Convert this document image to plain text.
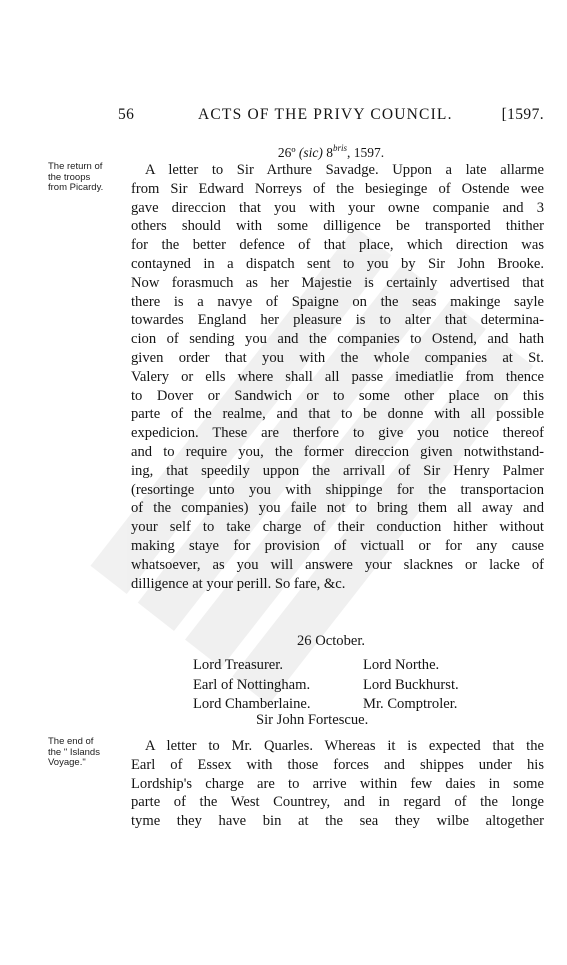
56	ACTS OF THE PRIVY COUNCIL.	[1597.
26º (sic) $8^{bris}$, 1597.
The return of
the troops
from Picardy.
A letter to Sir Arthure Savadge. Uppon a late allarme
from Sir Edward Norreys of the besieginge of Ostende wee
gave direccion that you with your owne companie and 3
others should with some dilligence be transported thither
for the better defence of that place, which direction was
contayned in a dispatch sent to you by Sir John Brooke.
Now forasmuch as her Majestie is certainly advertised that
there is a navye of Spaigne on the seas makinge sayle
towardes England her pleasure is to alter that determina-
cion of sending you and the companies to Ostend, and hath
given order that you with the whole companies at St.
Valery or ells where shall all passe imediatlie from thence
to Dover or Sandwich or to some other place on this
parte of the realme, and that to be donne with all possible
expedicion. These are therfore to give you notice thereof
and to require you, the former direccion given notwithstand-
ing, that speedily uppon the arrivall of Sir Henry Palmer
(resortinge unto you with shippinge for the transportacion
of the companies) you faile not to bring them all away and
your self to take charge of their conduction hither without
making staye for provision of victuall or for any cause
whatsoever, as you will answere your slacknes or lacke of
dilligence at your perill. So fare, &c.
26 October.
Lord Treasurer.	Lord Northe.
Earl of Nottingham.	Lord Buckhurst.
Lord Chamberlaine.	Mr. Comptroler.
Sir John Fortescue.
The end of
the " Islands
Voyage."
A letter to Mr. Quarles. Whereas it is expected that the
Earl of Essex with those forces and shippes under his
Lordship's charge are to arrive within few daies in some
parte of the West Countrey, and in regard of the longe
tyme they have bin at the sea they wilbe altogether
